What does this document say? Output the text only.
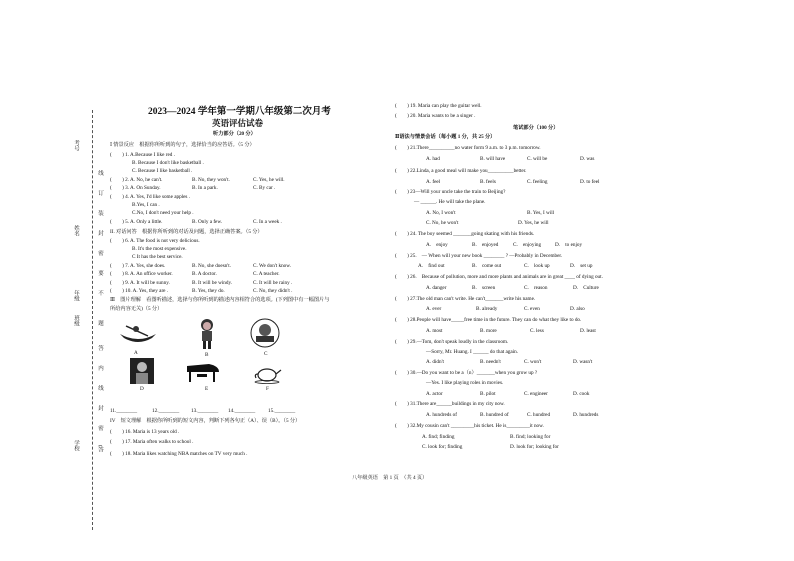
考号
姓名
班级
年级
学校
线
订
装
封
密
要
不
题
答
内
线
封
密
(答
2023—2024 学年第一学期八年级第二次月考
英语评估试卷
听力部分（20 分）
Ⅰ 情景反应　根据你所听到的句子，选择恰当的应答语。（5 分）
(　　) 1. A.Because I like red .
B. Because I don't like basketball .
C. Because I like basketball .
(　　) 2. A. No, he can't.	B. No, they won't.	C. Yes, he will.
(　　) 3. A. On Sunday.	B. In a park.	C. By car .
(　　) 4. A. Yes, I'd like some apples .
B.Yes, I can .
C.No, I don't need your help .
(　　) 5. A. Only a little.	B. Only a few.	C. In a week .
II. 对话问答　根据你所听到的对话及问题，选择正确答案。（5 分）
(　　) 6. A. The food is not very delicious.
B. It's the most expensive.
C It has the best service.
(　　) 7. A. Yes, she does.	B. No, she doesn't.	C. We don't know.
(　　) 8. A. An office worker.	B. A doctor.	C. A teacher.
(　　) 9. A. It will be sunny.	B. It will be windy.	C. It will be rainy .
(　　) 10. A. Yes, they are .	B. Yes, they do.	C. No, they didn't .
Ⅲ　图片理解　看图听描述，选择与你所听到的描述内容相符合的选项。(下列图中有一幅图片与
所给内容无关)（5 分）
A	B	C
D	E	F
11.________	12.________ 13.________ 14.________ 15.________
IV　短文理解　根据你所听到的短文内容，判断下列各句正（A）、误（B）。（5 分）
(　　) 16. Maria is 13 years old .
(　　) 17. Maria often walks to school .
(　　) 18. Maria likes watching NBA matches on TV very much .
(　　) 19. Maria can play the guitar well.
(　　) 20. Maria wants to be a singer .
笔试部分（100 分）
Ⅱ语法与情景会话（每小题 1 分，共 25 分）
(　　) 21.There__________no water form 9 a.m. to 3 p.m. tomorrow.
A. had	B. will have	C. will be	D. was
(　　) 22.Linda, a good meal will make you__________better.
A. feel	B. feels	C. feeling	D. to feel
(　　) 23—Will your uncle take the train to Beijing?
— ______. He will take the plane.
A. No, I won't	B. Yes, I will
C. No, he won't	D. Yes, he will
(　　) 24. The boy seemed _______going skating with his friends.
A.　enjoy	B.　enjoyed	C.　enjoying	D.　to enjoy
(　　) 25.　— When will your new book ________ ? —Probably in December.
A.　find out	B.　come out	C.　look up	D.　set up
(　　) 26.　Because of pollution, more and more plants and animals are in great ____ of dying out.
A. danger	B.　screen	C.　reason	D.　Culture
(　　) 27.The old man can't write. He can't_______write his name.
A. ever	B. already	C. even	D. also
(　　) 28.People will have_____free time in the future. They can do what they like to do.
A. most	B. more	C. less	D. least
(　　) 29.—Tom, don't speak loudly in the classroom.
—Sorry, Mr. Huang. I ______ do that again.
A. didn't	B. needn't	C. won't	D. wasn't
(　　) 30.—Do you want to be a（n）_______when you grow up ?
—Yes. I like playing roles in movies.
A. actor	B. pilot	C. engineer	D. cook
(　　) 31.There are______buildings in my city now.
A. hundreds of	B. hundred of	C. hundred	D. hundreds
(　　) 32.My cousin can't _________his ticket. He is_________it now.
A. find; finding	B. find; looking for
C. look for; finding	D. look for; looking for
八年级英语　第 1 页　（共 4 页）
